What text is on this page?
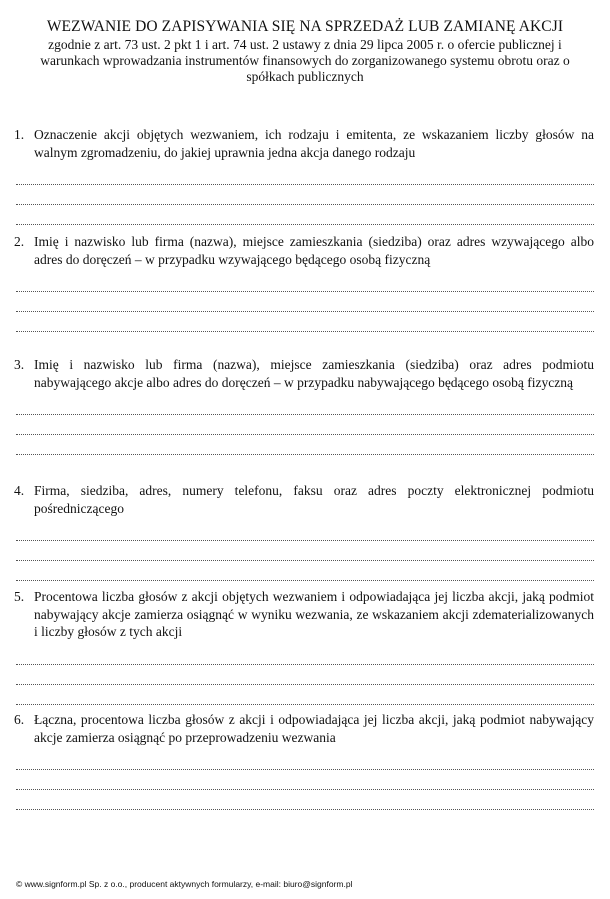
WEZWANIE DO ZAPISYWANIA SIĘ NA SPRZEDAŻ LUB ZAMIANĘ AKCJI
zgodnie z art. 73 ust. 2 pkt 1 i art. 74 ust. 2 ustawy z dnia 29 lipca 2005 r. o ofercie publicznej i warunkach wprowadzania instrumentów finansowych do zorganizowanego systemu obrotu oraz o spółkach publicznych
1. Oznaczenie akcji objętych wezwaniem, ich rodzaju i emitenta, ze wskazaniem liczby głosów na walnym zgromadzeniu, do jakiej uprawnia jedna akcja danego rodzaju
2. Imię i nazwisko lub firma (nazwa), miejsce zamieszkania (siedziba) oraz adres wzywającego albo adres do doręczeń – w przypadku wzywającego będącego osobą fizyczną
3. Imię i nazwisko lub firma (nazwa), miejsce zamieszkania (siedziba) oraz adres podmiotu nabywającego akcje albo adres do doręczeń – w przypadku nabywającego będącego osobą fizyczną
4. Firma, siedziba, adres, numery telefonu, faksu oraz adres poczty elektronicznej podmiotu pośredniczącego
5. Procentowa liczba głosów z akcji objętych wezwaniem i odpowiadająca jej liczba akcji, jaką podmiot nabywający akcje zamierza osiągnąć w wyniku wezwania, ze wskazaniem akcji zdematerializowanych i liczby głosów z tych akcji
6. Łączna, procentowa liczba głosów z akcji i odpowiadająca jej liczba akcji, jaką podmiot nabywający akcje zamierza osiągnąć po przeprowadzeniu wezwania
© www.signform.pl Sp. z o.o., producent aktywnych formularzy, e-mail: biuro@signform.pl
